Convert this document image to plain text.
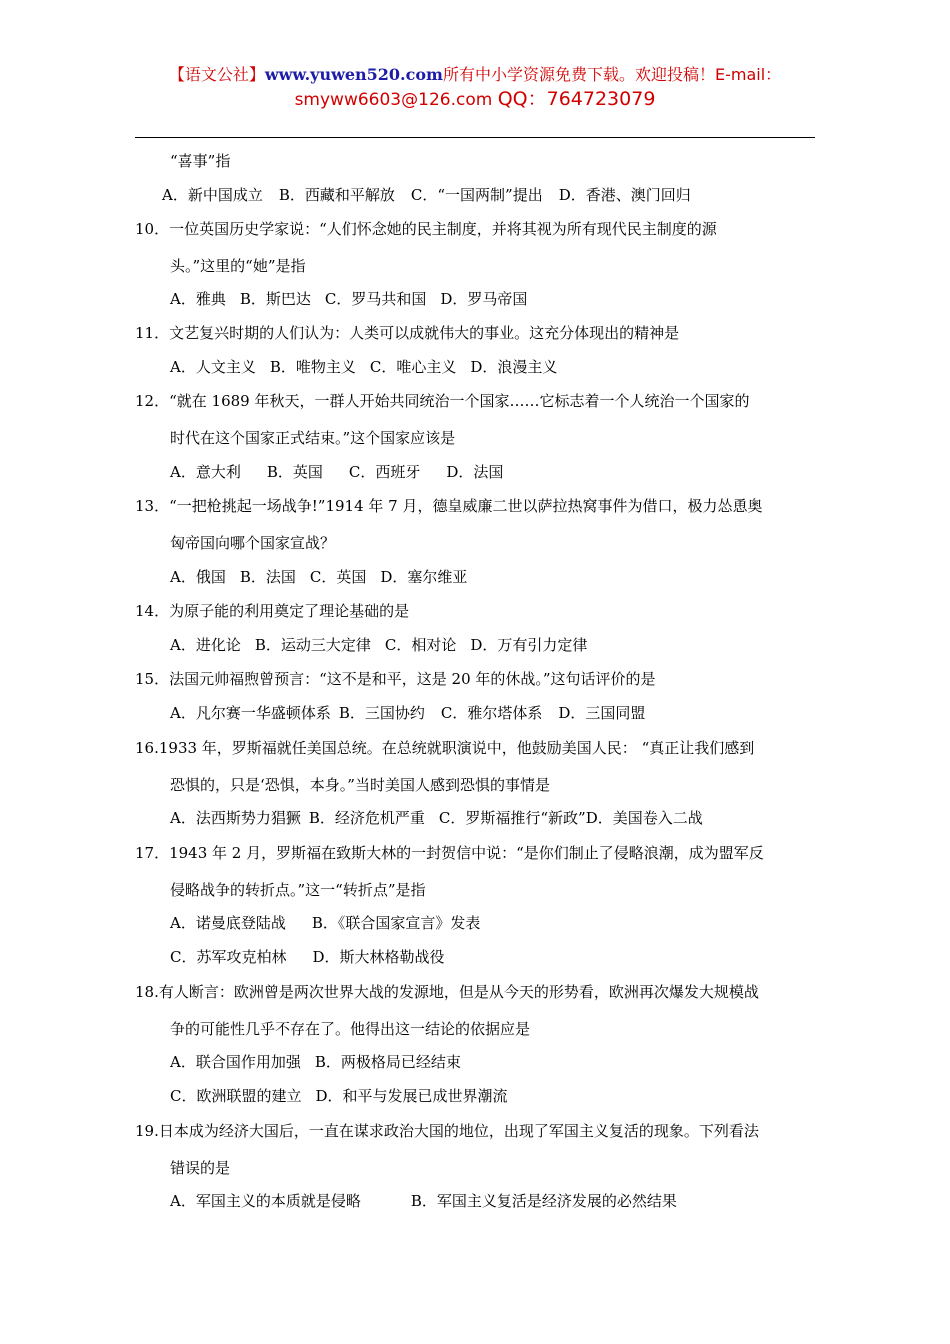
【语文公社】www.yuwen520.com所有中小学资源免费下载。欢迎投稿！E-mail：
smyww6603@126.com QQ：764723079
“喜事”指
A．新中国成立 B．西藏和平解放 C．“一国两制”提出 D．香港、澳门回归
10．一位英国历史学家说：“人们怀念她的民主制度，并将其视为所有现代民主制度的源
头。”这里的“她”是指
A．雅典 B．斯巴达 C．罗马共和国 D．罗马帝国
11．文艺复兴时期的人们认为：人类可以成就伟大的事业。这充分体现出的精神是
A．人文主义 B．唯物主义 C．唯心主义 D．浪漫主义
12．“就在 1689 年秋天，一群人开始共同统治一个国家……它标志着一个人统治一个国家的
时代在这个国家正式结束。”这个国家应该是
A．意大利 B．英国 C．西班牙 D．法国
13．“一把枪挑起一场战争!”1914 年 7 月，德皇威廉二世以萨拉热窝事件为借口，极力怂恿奥
匈帝国向哪个国家宣战？
A．俄国 B．法国 C．英国 D．塞尔维亚
14．为原子能的利用奠定了理论基础的是
A．进化论 B．运动三大定律 C．相对论 D．万有引力定律
15．法国元帅福煦曾预言：“这不是和平，这是 20 年的休战。”这句话评价的是
A．凡尔赛一华盛顿体系 B．三国协约 C．雅尔塔体系 D．三国同盟
16.1933 年，罗斯福就任美国总统。在总统就职演说中，他鼓励美国人民： “真正让我们感到
恐惧的，只是‘恐惧，本身。”当时美国人感到恐惧的事情是
A．法西斯势力猖獗 B．经济危机严重 C．罗斯福推行“新政”D．美国卷入二战
17．1943 年 2 月，罗斯福在致斯大林的一封贺信中说：“是你们制止了侵略浪潮，成为盟军反
侵略战争的转折点。”这一“转折点”是指
A．诺曼底登陆战 B．《联合国家宣言》发表
C．苏军攻克柏林 D．斯大林格勒战役
18.有人断言：欧洲曾是两次世界大战的发源地，但是从今天的形势看，欧洲再次爆发大规模战
争的可能性几乎不存在了。他得出这一结论的依据应是
A．联合国作用加强 B．两极格局已经结束
C．欧洲联盟的建立 D．和平与发展已成世界潮流
19.日本成为经济大国后，一直在谋求政治大国的地位，出现了军国主义复活的现象。下列看法
错误的是
A．军国主义的本质就是侵略	B．军国主义复活是经济发展的必然结果
